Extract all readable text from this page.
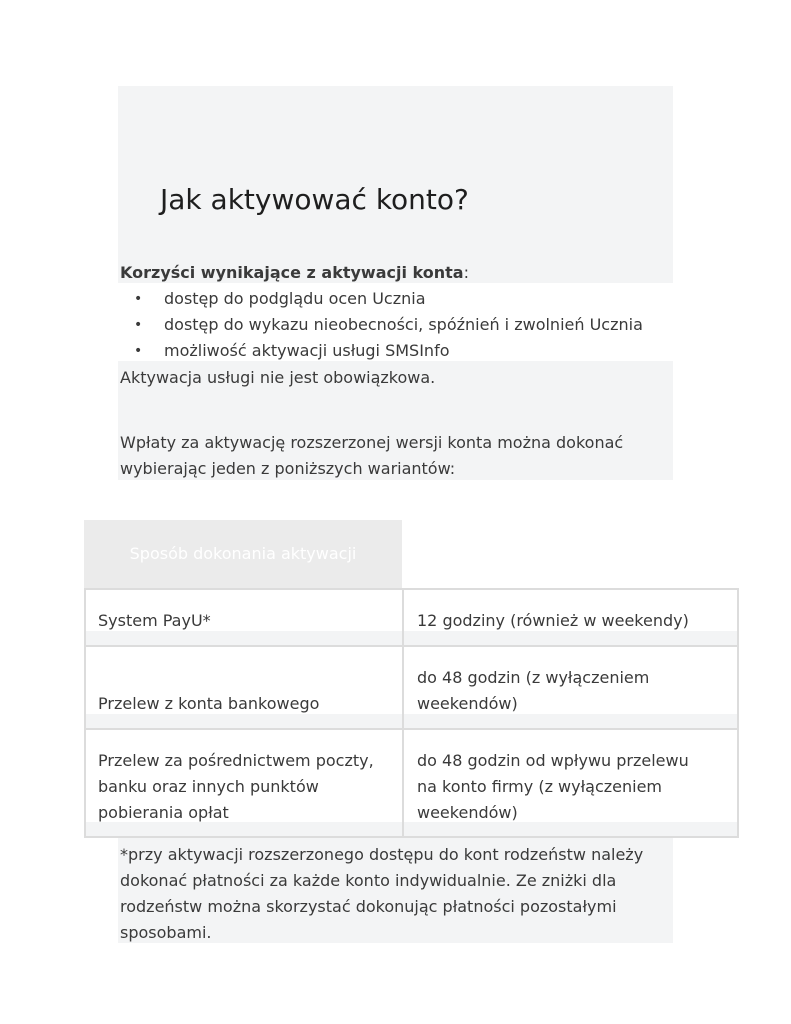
Jak aktywować konto?
Korzyści wynikające z aktywacji konta:
• dostęp do podglądu ocen Ucznia
• dostęp do wykazu nieobecności, spóźnień i zwolnień Ucznia
• możliwość aktywacji usługi SMSInfo

Aktywacja usługi nie jest obowiązkowa.

Wpłaty za aktywację rozszerzonej wersji konta można dokonać

wybierając jeden z poniższych wariantów:

Sposób dokonania aktywacji
System PayU*	12 godziny (również w weekendy)
Przelew z konta bankowego
do 48 godzin (z wyłączeniem
weekendów)
Przelew za pośrednictwem poczty,
banku oraz innych punktów
pobierania opłat
do 48 godzin od wpływu przelewu
na konto firmy (z wyłączeniem
weekendów)
*przy aktywacji rozszerzonego dostępu do kont rodzeństw należy
dokonać płatności za każde konto indywidualnie. Ze zniżki dla
rodzeństw można skorzystać dokonując płatności pozostałymi
sposobami.
